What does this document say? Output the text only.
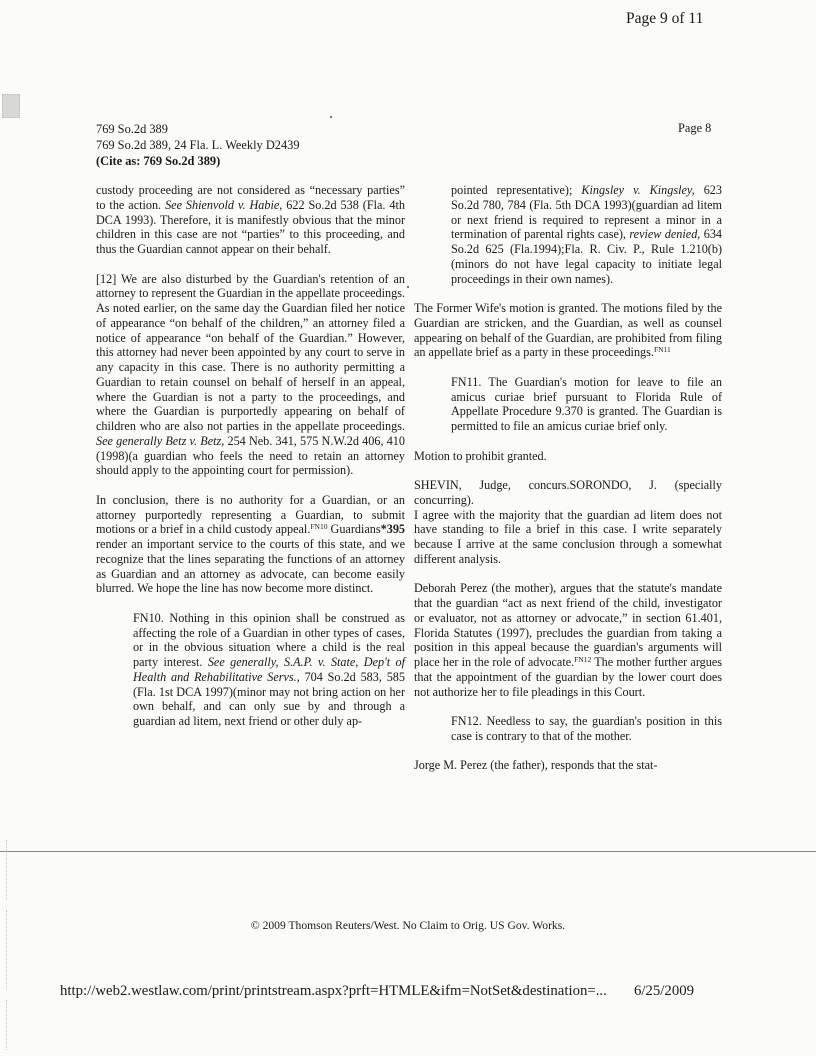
Page 9 of 11
769 So.2d 389
769 So.2d 389, 24 Fla. L. Weekly D2439
(Cite as: 769 So.2d 389)
Page 8

custody proceeding are not considered as “necessary parties” to the action. See Shienvold v. Habie, 622 So.2d 538 (Fla. 4th DCA 1993). Therefore, it is manifestly obvious that the minor children in this case are not “parties” to this proceeding, and thus the Guardian cannot appear on their behalf.

[12] We are also disturbed by the Guardian's retention of an attorney to represent the Guardian in the appellate proceedings. As noted earlier, on the same day the Guardian filed her notice of appearance “on behalf of the children,” an attorney filed a notice of appearance “on behalf of the Guardian.” However, this attorney had never been appointed by any court to serve in any capacity in this case. There is no authority permitting a Guardian to retain counsel on behalf of herself in an appeal, where the Guardian is not a party to the proceedings, and where the Guardian is purportedly appearing on behalf of children who are also not parties in the appellate proceedings. See generally Betz v. Betz, 254 Neb. 341, 575 N.W.2d 406, 410 (1998)(a guardian who feels the need to retain an attorney should apply to the appointing court for permission).

In conclusion, there is no authority for a Guardian, or an attorney purportedly representing a Guardian, to submit motions or a brief in a child custody appeal.$^{FN10}$ Guardians*395 render an important service to the courts of this state, and we recognize that the lines separating the functions of an attorney as Guardian and an attorney as advocate, can become easily blurred. We hope the line has now become more distinct.

FN10. Nothing in this opinion shall be construed as affecting the role of a Guardian in other types of cases, or in the obvious situation where a child is the real party interest. See generally, S.A.P. v. State, Dep't of Health and Rehabilitative Servs., 704 So.2d 583, 585 (Fla. 1st DCA 1997)(minor may not bring action on her own behalf, and can only sue by and through a guardian ad litem, next friend or other duly ap-

pointed representative); Kingsley v. Kingsley, 623 So.2d 780, 784 (Fla. 5th DCA 1993)(guardian ad litem or next friend is required to represent a minor in a termination of parental rights case), review denied, 634 So.2d 625 (Fla.1994);Fla. R. Civ. P., Rule 1.210(b) (minors do not have legal capacity to initiate legal proceedings in their own names).

The Former Wife's motion is granted. The motions filed by the Guardian are stricken, and the Guardian, as well as counsel appearing on behalf of the Guardian, are prohibited from filing an appellate brief as a party in these proceedings.$^{FN11}$

FN11. The Guardian's motion for leave to file an amicus curiae brief pursuant to Florida Rule of Appellate Procedure 9.370 is granted. The Guardian is permitted to file an amicus curiae brief only.

Motion to prohibit granted.

SHEVIN, Judge, concurs.SORONDO, J. (specially concurring).

I agree with the majority that the guardian ad litem does not have standing to file a brief in this case. I write separately because I arrive at the same conclusion through a somewhat different analysis.

Deborah Perez (the mother), argues that the statute's mandate that the guardian “act as next friend of the child, investigator or evaluator, not as attorney or advocate,” in section 61.401, Florida Statutes (1997), precludes the guardian from taking a position in this appeal because the guardian's arguments will place her in the role of advocate.$^{FN12}$ The mother further argues that the appointment of the guardian by the lower court does not authorize her to file pleadings in this Court.

FN12. Needless to say, the guardian's position in this case is contrary to that of the mother.

Jorge M. Perez (the father), responds that the stat-

© 2009 Thomson Reuters/West. No Claim to Orig. US Gov. Works.
http://web2.westlaw.com/print/printstream.aspx?prft=HTMLE&ifm=NotSet&destination=... 6/25/2009
